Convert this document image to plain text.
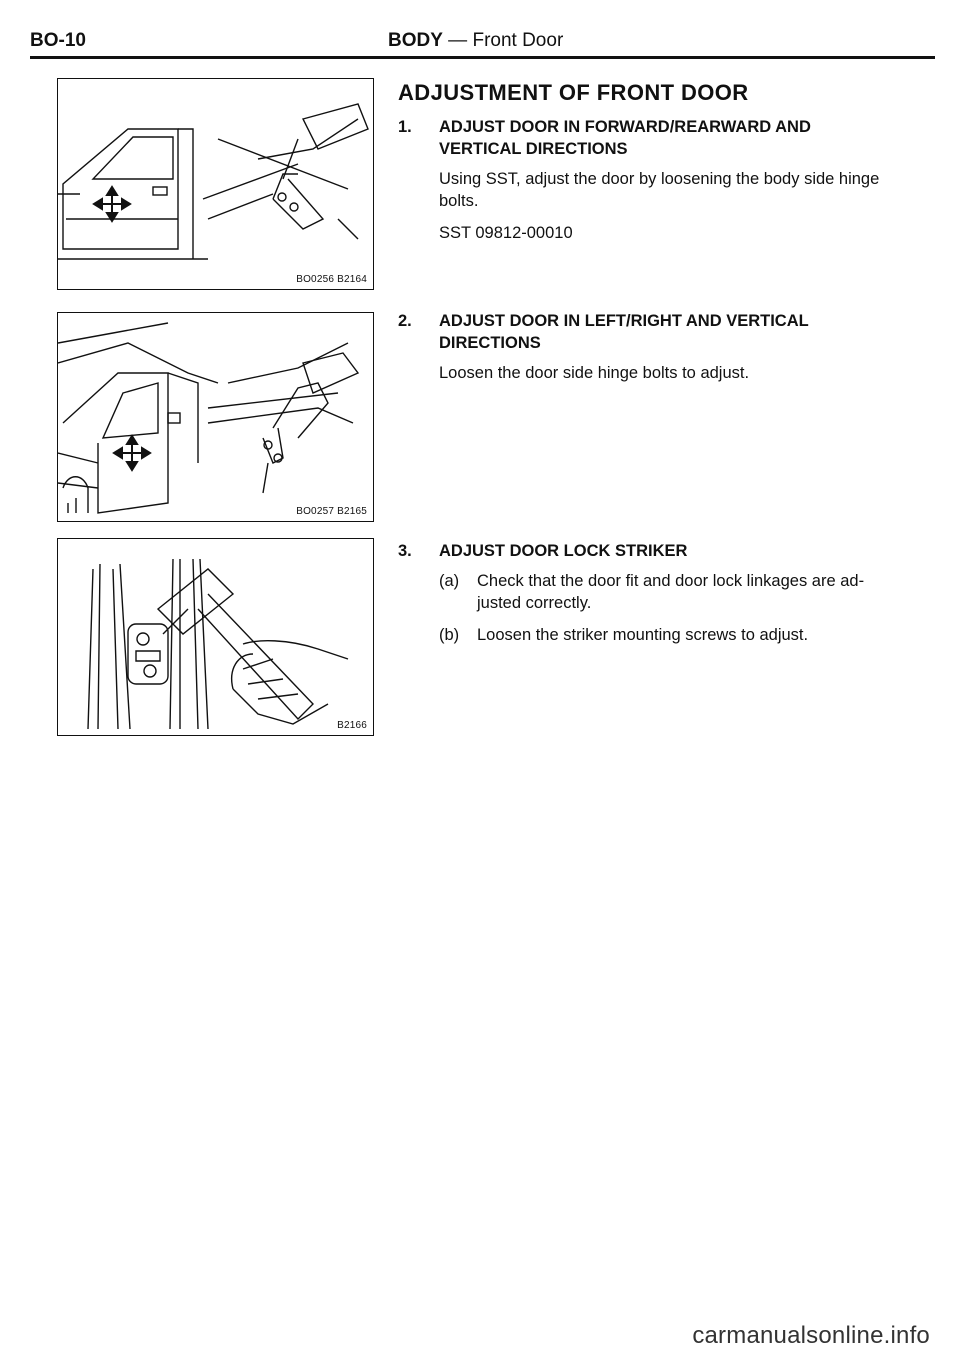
BO-10	BODY — Front Door
BO0256 B2164
BO0257 B2165
B2166
ADJUSTMENT OF FRONT DOOR
1.	ADJUST DOOR IN FORWARD/REARWARD AND VERTICAL DIRECTIONS

Using SST, adjust the door by loosening the body side hinge bolts.

SST 09812-00010

2.	ADJUST DOOR IN LEFT/RIGHT AND VERTICAL DIRECTIONS

Loosen the door side hinge bolts to adjust.

3.	ADJUST DOOR LOCK STRIKER
(a)	Check that the door fit and door lock linkages are ad- justed correctly.
(b)	Loosen the striker mounting screws to adjust.
carmanualsonline.info
